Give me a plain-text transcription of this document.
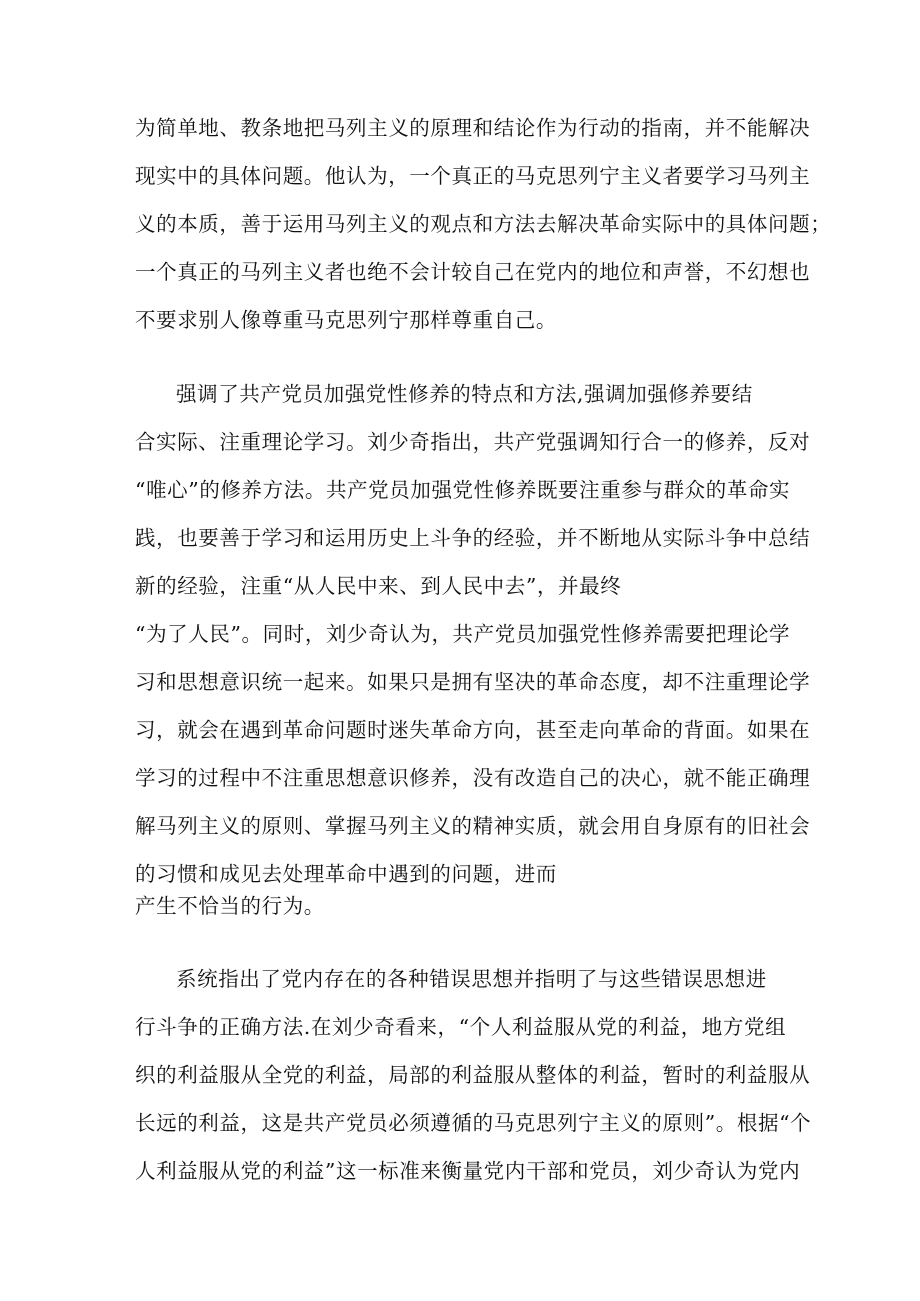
为简单地、教条地把马列主义的原理和结论作为行动的指南，并不能解决
现实中的具体问题。他认为，一个真正的马克思列宁主义者要学习马列主
义的本质，善于运用马列主义的观点和方法去解决革命实际中的具体问题；
一个真正的马列主义者也绝不会计较自己在党内的地位和声誉，不幻想也
不要求别人像尊重马克思列宁那样尊重自己。
强调了共产党员加强党性修养的特点和方法,强调加强修养要结
合实际、注重理论学习。刘少奇指出，共产党强调知行合一的修养，反对
“唯心”的修养方法。共产党员加强党性修养既要注重参与群众的革命实
践，也要善于学习和运用历史上斗争的经验，并不断地从实际斗争中总结
新的经验，注重“从人民中来、到人民中去”，并最终
“为了人民”。同时，刘少奇认为，共产党员加强党性修养需要把理论学
习和思想意识统一起来。如果只是拥有坚决的革命态度，却不注重理论学
习，就会在遇到革命问题时迷失革命方向，甚至走向革命的背面。如果在
学习的过程中不注重思想意识修养，没有改造自己的决心，就不能正确理
解马列主义的原则、掌握马列主义的精神实质，就会用自身原有的旧社会
的习惯和成见去处理革命中遇到的问题，进而
产生不恰当的行为。
系统指出了党内存在的各种错误思想并指明了与这些错误思想进
行斗争的正确方法.在刘少奇看来，“个人利益服从党的利益，地方党组
织的利益服从全党的利益，局部的利益服从整体的利益，暂时的利益服从
长远的利益，这是共产党员必须遵循的马克思列宁主义的原则”。根据“个
人利益服从党的利益”这一标准来衡量党内干部和党员，刘少奇认为党内
